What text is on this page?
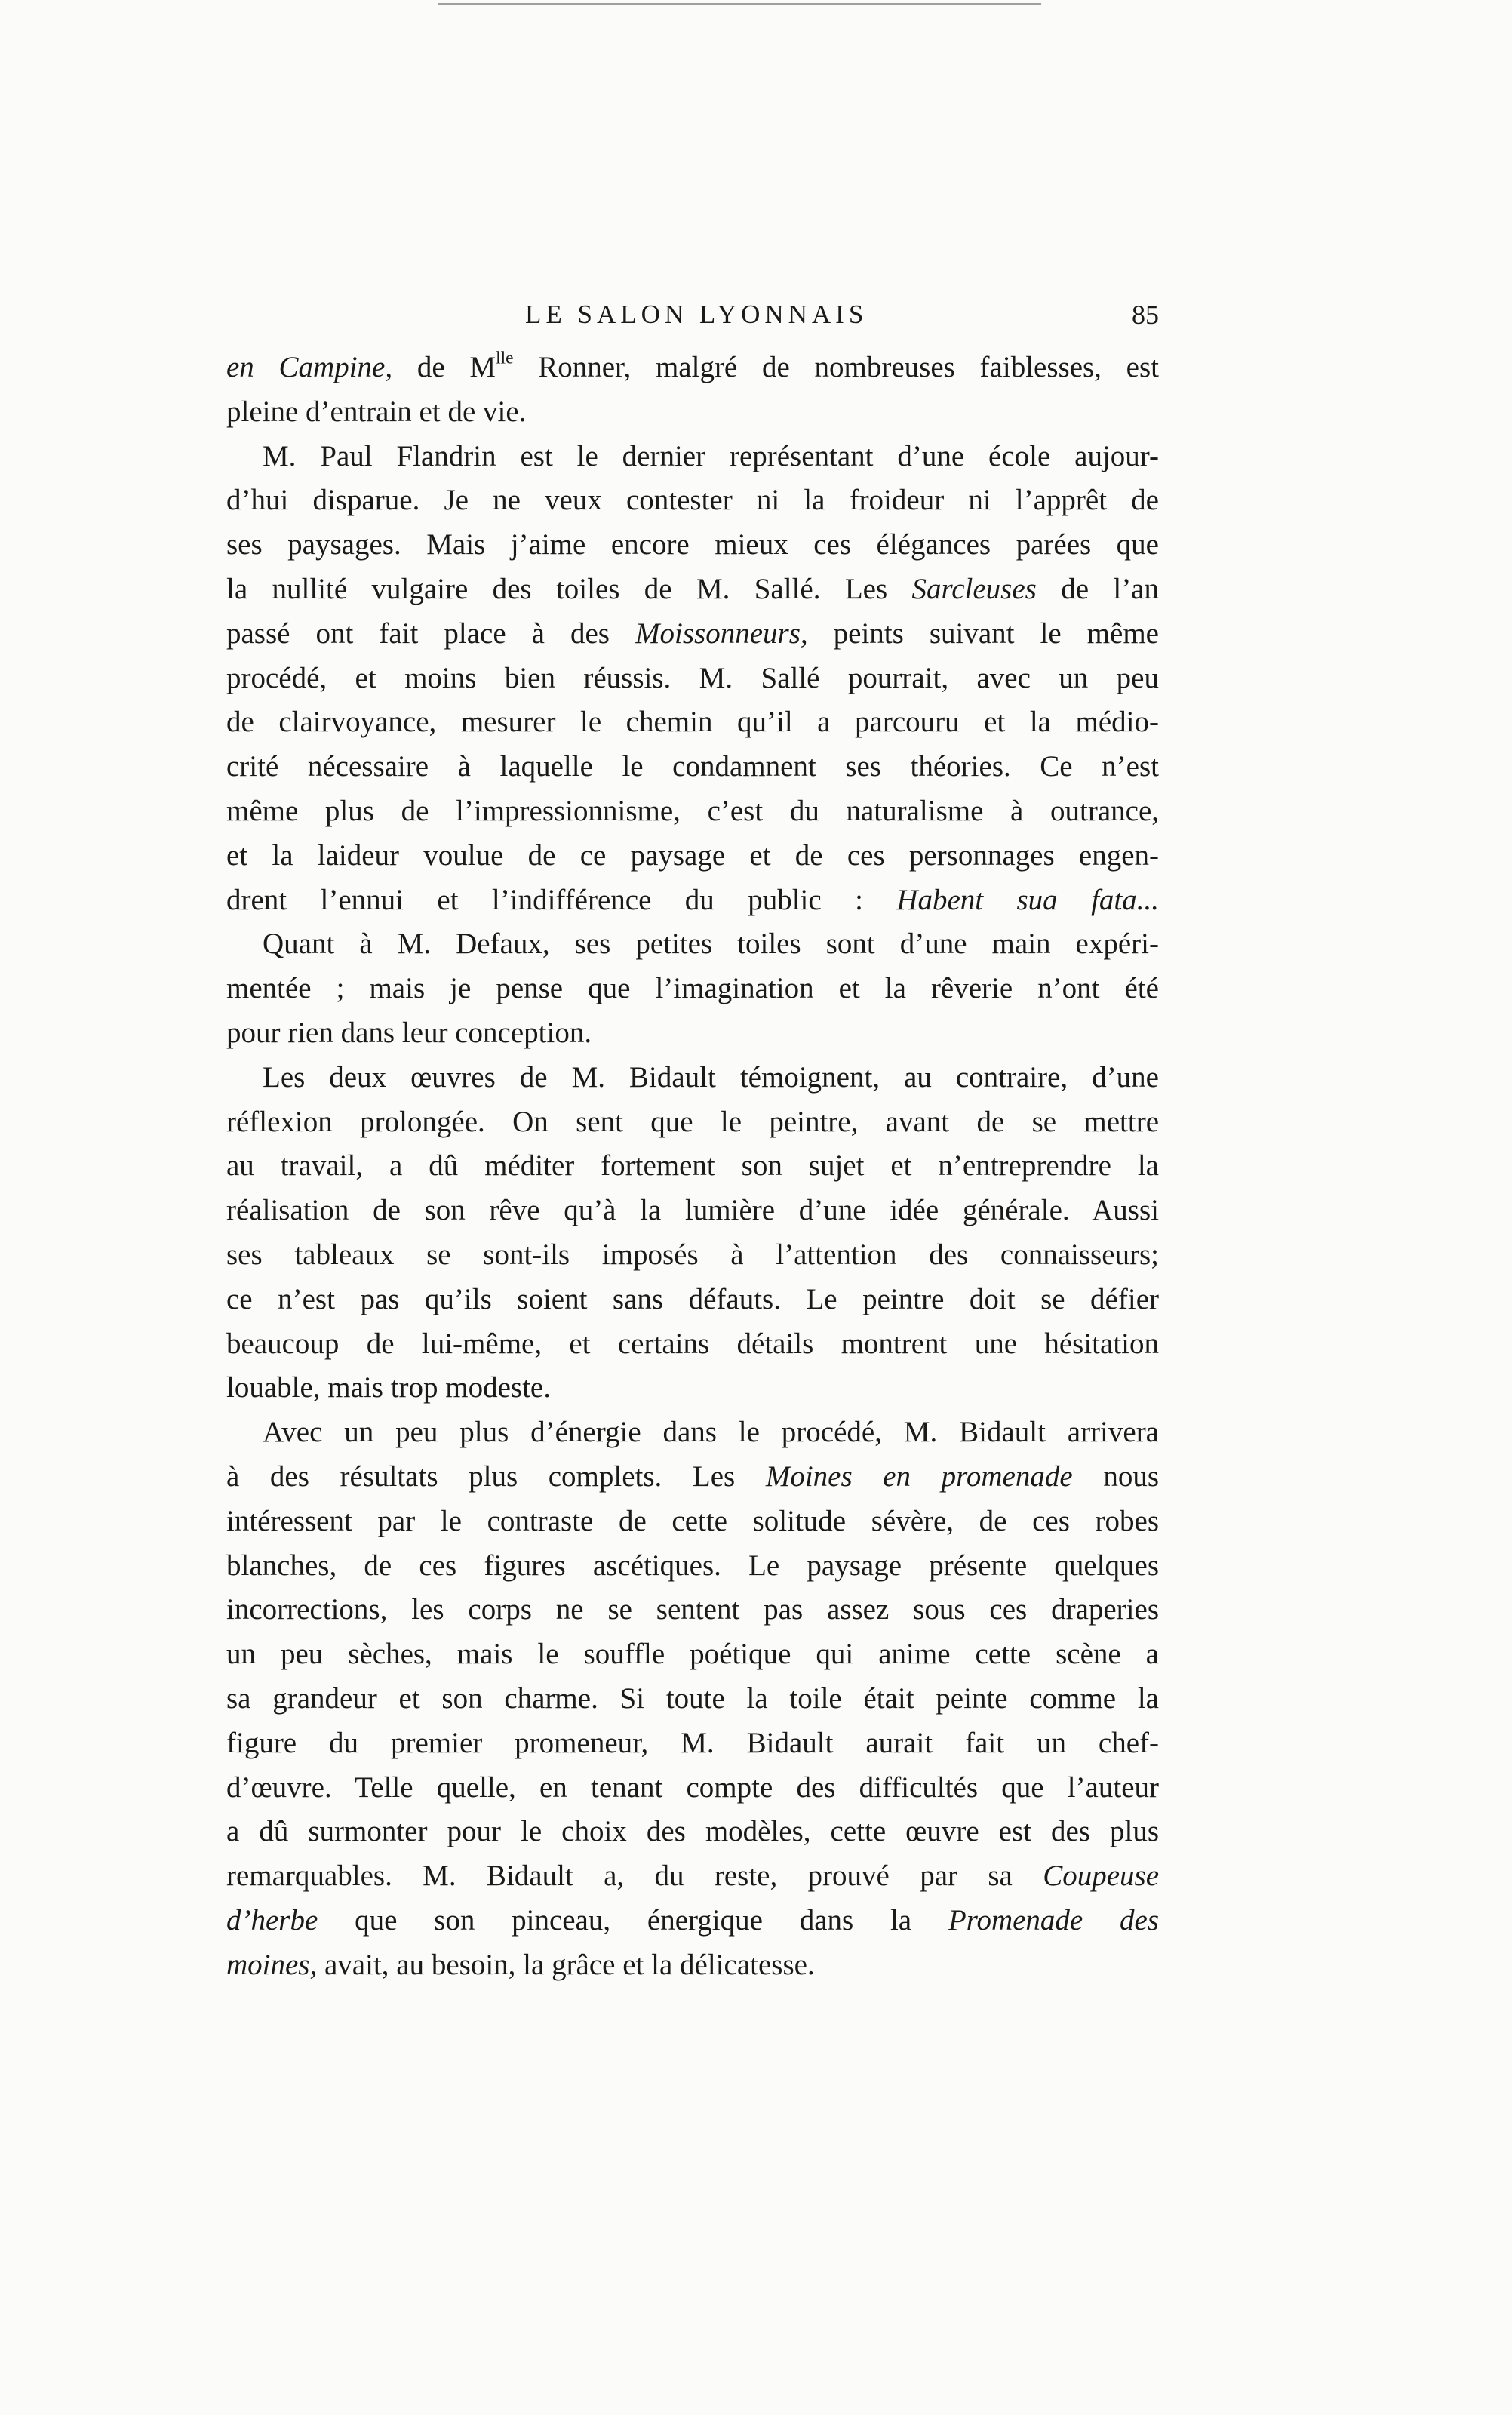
LE SALON LYONNAIS	85
en Campine, de $M^{lle}$ Ronner, malgré de nombreuses faiblesses, est
pleine d’entrain et de vie.
M. Paul Flandrin est le dernier représentant d’une école aujour-
d’hui disparue. Je ne veux contester ni la froideur ni l’apprêt de
ses paysages. Mais j’aime encore mieux ces élégances parées que
la nullité vulgaire des toiles de M. Sallé. Les Sarcleuses de l’an
passé ont fait place à des Moissonneurs, peints suivant le même
procédé, et moins bien réussis. M. Sallé pourrait, avec un peu
de clairvoyance, mesurer le chemin qu’il a parcouru et la médio-
crité nécessaire à laquelle le condamnent ses théories. Ce n’est
même plus de l’impressionnisme, c’est du naturalisme à outrance,
et la laideur voulue de ce paysage et de ces personnages engen-
drent l’ennui et l’indifférence du public : Habent sua fata...
Quant à M. Defaux, ses petites toiles sont d’une main expéri-
mentée ; mais je pense que l’imagination et la rêverie n’ont été
pour rien dans leur conception.
Les deux œuvres de M. Bidault témoignent, au contraire, d’une
réflexion prolongée. On sent que le peintre, avant de se mettre
au travail, a dû méditer fortement son sujet et n’entreprendre la
réalisation de son rêve qu’à la lumière d’une idée générale. Aussi
ses tableaux se sont-ils imposés à l’attention des connaisseurs;
ce n’est pas qu’ils soient sans défauts. Le peintre doit se défier
beaucoup de lui-même, et certains détails montrent une hésitation
louable, mais trop modeste.
Avec un peu plus d’énergie dans le procédé, M. Bidault arrivera
à des résultats plus complets. Les Moines en promenade nous
intéressent par le contraste de cette solitude sévère, de ces robes
blanches, de ces figures ascétiques. Le paysage présente quelques
incorrections, les corps ne se sentent pas assez sous ces draperies
un peu sèches, mais le souffle poétique qui anime cette scène a
sa grandeur et son charme. Si toute la toile était peinte comme la
figure du premier promeneur, M. Bidault aurait fait un chef-
d’œuvre. Telle quelle, en tenant compte des difficultés que l’auteur
a dû surmonter pour le choix des modèles, cette œuvre est des plus
remarquables. M. Bidault a, du reste, prouvé par sa Coupeuse
d’herbe que son pinceau, énergique dans la Promenade des
moines, avait, au besoin, la grâce et la délicatesse.
